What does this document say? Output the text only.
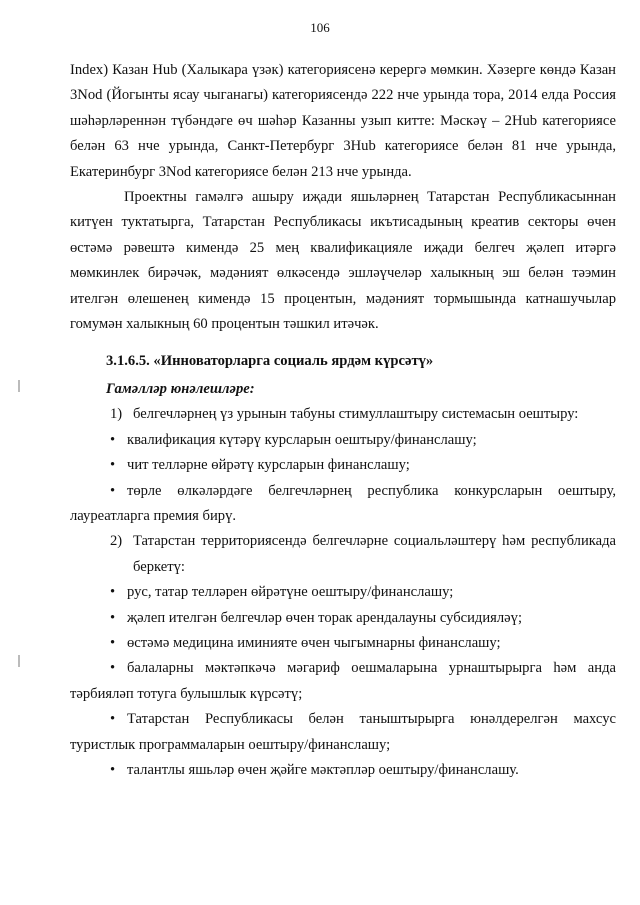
106

Index) Казан Hub (Халыкара үзәк) категориясенә керергә мөмкин. Хәзерге көндә Казан 3Nod (Йогынты ясау чыганагы) категориясендә 222 нче урында тора, 2014 елда Россия шәһәрләреннән түбәндәге өч шәһәр Казанны узып китте: Мәскәү – 2Hub категориясе белән 63 нче урында, Санкт-Петербург 3Hub категориясе белән 81 нче урында, Екатеринбург 3Nod категориясе белән 213 нче урында.

Проектны гамәлгә ашыру иҗади яшьләрнең Татарстан Республикасыннан китүен туктатырга, Татарстан Республикасы икътисадының креатив секторы өчен өстәмә рәвештә кимендә 25 мең квалификацияле иҗади белгеч җәлеп итәргә мөмкинлек бирәчәк, мәдәният өлкәсендә эшләүчеләр халыкның эш белән тәэмин ителгән өлешенең кимендә 15 процентын, мәдәният тормышында катнашучылар гомумән халыкның 60 процентын тәшкил итәчәк.

3.1.6.5. «Инноваторларга социаль ярдәм күрсәтү»

Гамәлләр юнәлешләре:

1) белгечләрнең үз урынын табуны стимуллаштыру системасын оештыру:

• квалификация күтәрү курсларын оештыру/финанслашу;

• чит телләрне өйрәтү курсларын финанслашу;

• төрле өлкәләрдәге белгечләрнең республика конкурсларын оештыру, лауреатларга премия бирү.

2) Татарстан территориясендә белгечләрне социальләштерү һәм республикада беркетү:

• рус, татар телләрен өйрәтүне оештыру/финанслашу;

• җәлеп ителгән белгечләр өчен торак арендалауны субсидияләү;

• өстәмә медицина иминияте өчен чыгымнарны финанслашу;

• балаларны мәктәпкәчә мәгариф оешмаларына урнаштырырга һәм анда тәрбияләп тотуга булышлык күрсәтү;

• Татарстан Республикасы белән таныштырырга юнәлдерелгән махсус туристлык программаларын оештыру/финанслашу;

• талантлы яшьләр өчен җәйге мәктәпләр оештыру/финанслашу.
